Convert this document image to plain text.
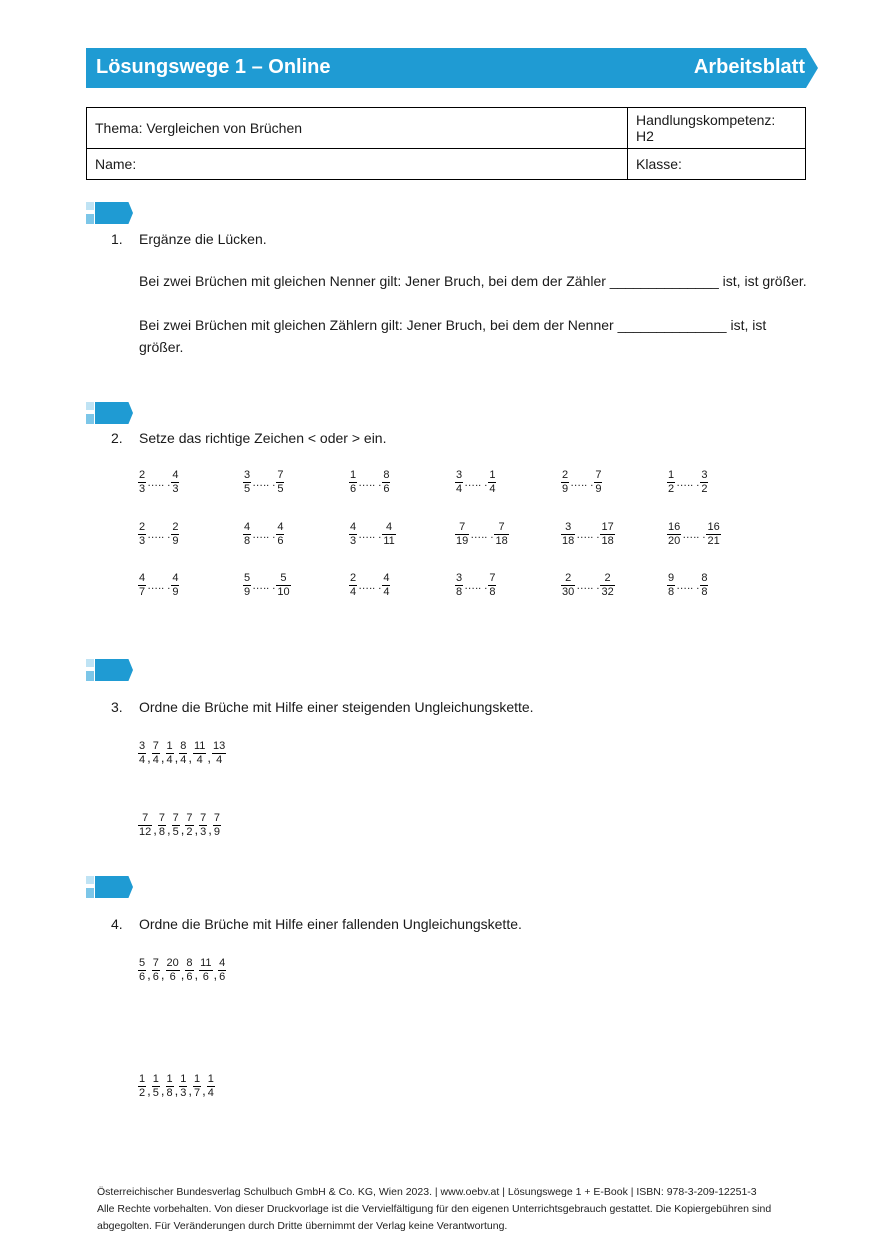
Lösungswege 1 – Online	Arbeitsblatt
Thema: Vergleichen von Brüchen	Handlungskompetenz: H2
Name:	Klasse:
1. Ergänze die Lücken.
Bei zwei Brüchen mit gleichen Nenner gilt: Jener Bruch, bei dem der Zähler ______________ ist, ist größer.
Bei zwei Brüchen mit gleichen Zählern gilt: Jener Bruch, bei dem der Nenner ______________ ist, ist größer.
2. Setze das richtige Zeichen < oder > ein.
$\frac{2}{3}$ ….. . $\frac{4}{3}$	$\frac{3}{5}$ ….. . $\frac{7}{5}$	$\frac{1}{6}$ ….. . $\frac{8}{6}$	$\frac{3}{4}$ ….. . $\frac{1}{4}$	$\frac{2}{9}$ ….. . $\frac{7}{9}$	$\frac{1}{2}$ ….. . $\frac{3}{2}$
$\frac{2}{3}$ ….. . $\frac{2}{9}$	$\frac{4}{8}$ ….. . $\frac{4}{6}$	$\frac{4}{3}$ ….. . $\frac{4}{11}$	$\frac{7}{19}$ ….. . $\frac{7}{18}$	$\frac{3}{18}$ ….. . $\frac{17}{18}$	$\frac{16}{20}$ ….. . $\frac{16}{21}$
$\frac{4}{7}$ ….. . $\frac{4}{9}$	$\frac{5}{9}$ ….. . $\frac{5}{10}$	$\frac{2}{4}$ ….. . $\frac{4}{4}$	$\frac{3}{8}$ ….. . $\frac{7}{8}$	$\frac{2}{30}$ ….. . $\frac{2}{32}$	$\frac{9}{8}$ ….. . $\frac{8}{8}$
3. Ordne die Brüche mit Hilfe einer steigenden Ungleichungskette.
$\frac{3}{4}$ , $\frac{7}{4}$ , $\frac{1}{4}$ , $\frac{8}{4}$ , $\frac{11}{4}$ , $\frac{13}{4}$
$\frac{7}{12}$ , $\frac{7}{8}$ , $\frac{7}{5}$ , $\frac{7}{2}$ , $\frac{7}{3}$ , $\frac{7}{9}$
4. Ordne die Brüche mit Hilfe einer fallenden Ungleichungskette.
$\frac{5}{6}$ , $\frac{7}{6}$ , $\frac{20}{6}$ , $\frac{8}{6}$ , $\frac{11}{6}$ , $\frac{4}{6}$
$\frac{1}{2}$ , $\frac{1}{5}$ , $\frac{1}{8}$ , $\frac{1}{3}$ , $\frac{1}{7}$ , $\frac{1}{4}$
Österreichischer Bundesverlag Schulbuch GmbH & Co. KG, Wien 2023. | www.oebv.at | Lösungswege 1 + E-Book | ISBN: 978-3-209-12251-3
Alle Rechte vorbehalten. Von dieser Druckvorlage ist die Vervielfältigung für den eigenen Unterrichtsgebrauch gestattet. Die Kopiergebühren sind abgegolten. Für Veränderungen durch Dritte übernimmt der Verlag keine Verantwortung.
